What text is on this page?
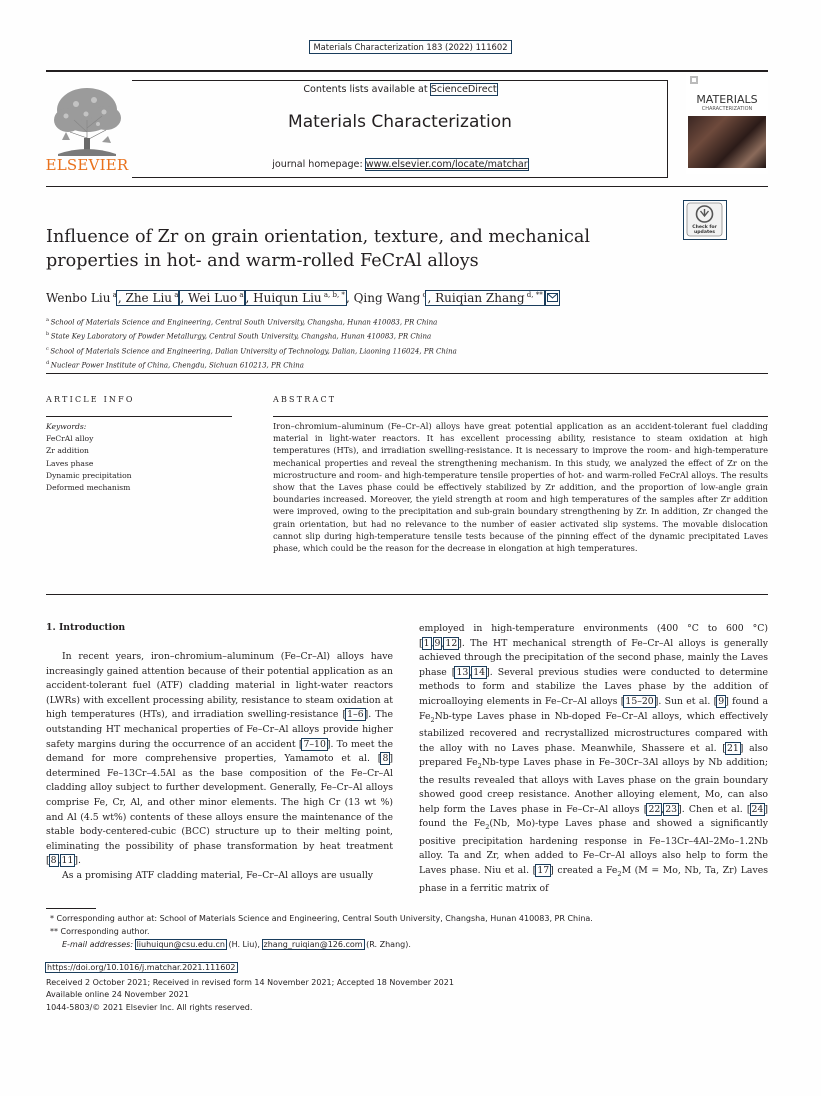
Materials Characterization 183 (2022) 111602
ELSEVIER
Contents lists available at ScienceDirect
Materials Characterization
journal homepage: www.elsevier.com/locate/matchar
MATERIALS
CHARACTERIZATION
Influence of Zr on grain orientation, texture, and mechanical properties in hot- and warm-rolled FeCrAl alloys
Check for
updates
Wenbo Liu $^a$, Zhe Liu $^a$ , Wei Luo $^a$ , Huiqun Liu $^{a, b, *}$, Qing Wang $^c$, Ruiqian Zhang $^{d, **}$
$^a$ School of Materials Science and Engineering, Central South University, Changsha, Hunan 410083, PR China
$^b$ State Key Laboratory of Powder Metallurgy, Central South University, Changsha, Hunan 410083, PR China
$^c$ School of Materials Science and Engineering, Dalian University of Technology, Dalian, Liaoning 116024, PR China
$^d$ Nuclear Power Institute of China, Chengdu, Sichuan 610213, PR China
ARTICLE INFO	ABSTRACT
Keywords:
FeCrAl alloy
Zr addition
Laves phase
Dynamic precipitation
Deformed mechanism
Iron–chromium–aluminum (Fe–Cr–Al) alloys have great potential application as an accident-tolerant fuel cladding material in light-water reactors. It has excellent processing ability, resistance to steam oxidation at high temperatures (HTs), and irradiation swelling-resistance. It is necessary to improve the room- and high-temperature mechanical properties and reveal the strengthening mechanism. In this study, we analyzed the effect of Zr on the microstructure and room- and high-temperature tensile properties of hot- and warm-rolled FeCrAl alloys. The results show that the Laves phase could be effectively stabilized by Zr addition, and the proportion of low-angle grain boundaries increased. Moreover, the yield strength at room and high temperatures of the samples after Zr addition were improved, owing to the precipitation and sub-grain boundary strengthening by Zr. In addition, Zr changed the grain orientation, but had no relevance to the number of easier activated slip systems. The movable dislocation cannot slip during high-temperature tensile tests because of the pinning effect of the dynamic precipitated Laves phase, which could be the reason for the decrease in elongation at high temperatures.
1. Introduction

In recent years, iron–chromium–aluminum (Fe–Cr–Al) alloys have increasingly gained attention because of their potential application as an accident-tolerant fuel (ATF) cladding material in light-water reactors (LWRs) with excellent processing ability, resistance to steam oxidation at high temperatures (HTs), and irradiation swelling-resistance [1–6]. The outstanding HT mechanical properties of Fe–Cr–Al alloys provide higher safety margins during the occurrence of an accident [7–10]. To meet the demand for more comprehensive properties, Yamamoto et al. [8] determined Fe–13Cr–4.5Al as the base composition of the Fe–Cr–Al cladding alloy subject to further development. Generally, Fe–Cr–Al alloys comprise Fe, Cr, Al, and other minor elements. The high Cr (13 wt %) and Al (4.5 wt%) contents of these alloys ensure the maintenance of the stable body-centered-cubic (BCC) structure up to their melting point, eliminating the possibility of phase transformation by heat treatment [8,11].

As a promising ATF cladding material, Fe–Cr–Al alloys are usually

employed in high-temperature environments (400 °C to 600 °C) [1,9,12]. The HT mechanical strength of Fe–Cr–Al alloys is generally achieved through the precipitation of the second phase, mainly the Laves phase [13,14]. Several previous studies were conducted to determine methods to form and stabilize the Laves phase by the addition of microalloying elements in Fe–Cr–Al alloys [15–20]. Sun et al. [9] found a $Fe_2Nb$-type Laves phase in Nb-doped Fe–Cr–Al alloys, which effectively stabilized recovered and recrystallized microstructures compared with the alloy with no Laves phase. Meanwhile, Shassere et al. [21] also prepared $Fe_2Nb$-type Laves phase in Fe–30Cr–3Al alloys by Nb addition; the results revealed that alloys with Laves phase on the grain boundary showed good creep resistance. Another alloying element, Mo, can also help form the Laves phase in Fe–Cr–Al alloys [22,23]. Chen et al. [24] found the $Fe_2(Nb$, Mo)-type Laves phase and showed a significantly positive precipitation hardening response in Fe–13Cr–4Al–2Mo–1.2Nb alloy. Ta and Zr, when added to Fe–Cr–Al alloys also help to form the Laves phase. Niu et al. [17] created a $Fe_2M$ (M = Mo, Nb, Ta, Zr) Laves phase in a ferritic matrix of

* Corresponding author at: School of Materials Science and Engineering, Central South University, Changsha, Hunan 410083, PR China.
** Corresponding author.
E-mail addresses: liuhuiqun@csu.edu.cn (H. Liu), zhang_ruiqian@126.com (R. Zhang).
https://doi.org/10.1016/j.matchar.2021.111602
Received 2 October 2021; Received in revised form 14 November 2021; Accepted 18 November 2021
Available online 24 November 2021
1044-5803/© 2021 Elsevier Inc. All rights reserved.
